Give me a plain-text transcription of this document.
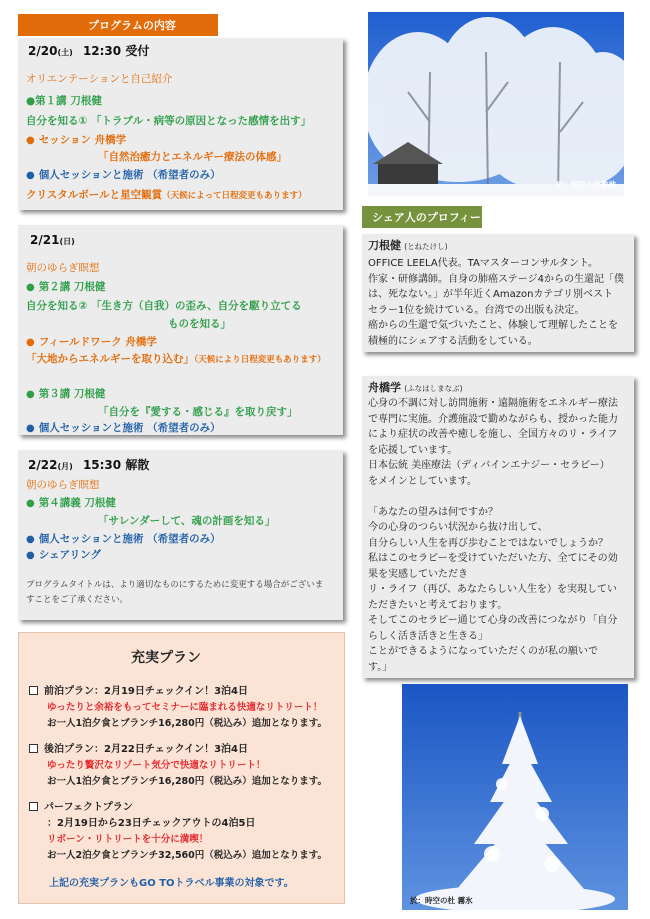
プログラムの内容
2/20(土) 12:30 受付
オリエンテーションと自己紹介
●第１講 刀根健
自分を知る① 「トラブル・病等の原因となった感情を出す」
● セッション 舟橋学
「自然治癒力とエネルギー療法の体感」
● 個人セッションと施術 （希望者のみ）
クリスタルボールと星空観賞（天候によって日程変更もあります）
2/21(日)
朝のゆらぎ瞑想
● 第２講 刀根健
自分を知る② 「生き方（自我）の歪み、自分を駆り立てる
ものを知る」
● フィールドワーク 舟橋学
「大地からエネルギーを取り込む」（天候により日程変更もあります）
● 第３講 刀根健
「自分を『愛する・感じる』を取り戻す」
● 個人セッションと施術 （希望者のみ）
2/22(月) 15:30 解散
朝のゆらぎ瞑想
● 第４講義 刀根健
「サレンダーして、魂の計画を知る」
● 個人セッションと施術 （希望者のみ）
● シェアリング
プログラムタイトルは、より適切なものにするために変更する場合がございま
すことをご了承ください。
充実プラン
前泊プラン：2月19日チェックイン！3泊4日
ゆったりと余裕をもってセミナーに臨まれる快適なリトリート！
お一人1泊夕食とブランチ16,280円（税込み）追加となります。
後泊プラン：2月22日チェックイン！3泊4日
ゆったり贅沢なリゾート気分で快適なリトリート！
お一人1泊夕食とブランチ16,280円（税込み）追加となります。
パーフェクトプラン
：2月19日から23日チェックアウトの4泊5日
リボーン・リトリートを十分に満喫！
お一人2泊夕食とブランチ32,560円（税込み）追加となります。
上記の充実プランもGO TOトラベル事業の対象です。
於：時空の杜敷地
シェア人のプロフィー
刀根健 (とねたけし)
OFFICE LEELA代表。TAマスターコンサルタント。
作家・研修講師。自身の肺癌ステージ4からの生還記「僕
は、死なない。」が半年近くAmazonカテゴリ別ベスト
セラー1位を続けている。台湾での出版も決定。
癌からの生還で気づいたこと、体験して理解したことを
積極的にシェアする活動をしている。
舟橋学 (ふなはしまなぶ)
心身の不調に対し訪問施術・遠隔施術をエネルギー療法
で専門に実施。介護施設で勤めながらも、授かった能力
により症状の改善や癒しを施し、全国方々のリ・ライフ
を応援しています。
日本伝統 美座療法（ディバインエナジー・セラピー）
をメインとしています。
「あなたの望みは何ですか？
今の心身のつらい状況から抜け出して、
自分らしい人生を再び歩むことではないでしょうか？
私はこのセラピーを受けていただいた方、全てにその効
果を実感していただき
リ・ライフ（再び、あなたらしい人生を）を実現してい
ただきたいと考えております。
そしてこのセラピー通じて心身の改善につながり「自分
らしく活き活きと生きる」
ことができるようになっていただくのが私の願いで
す。」
於：時空の杜 霧氷
